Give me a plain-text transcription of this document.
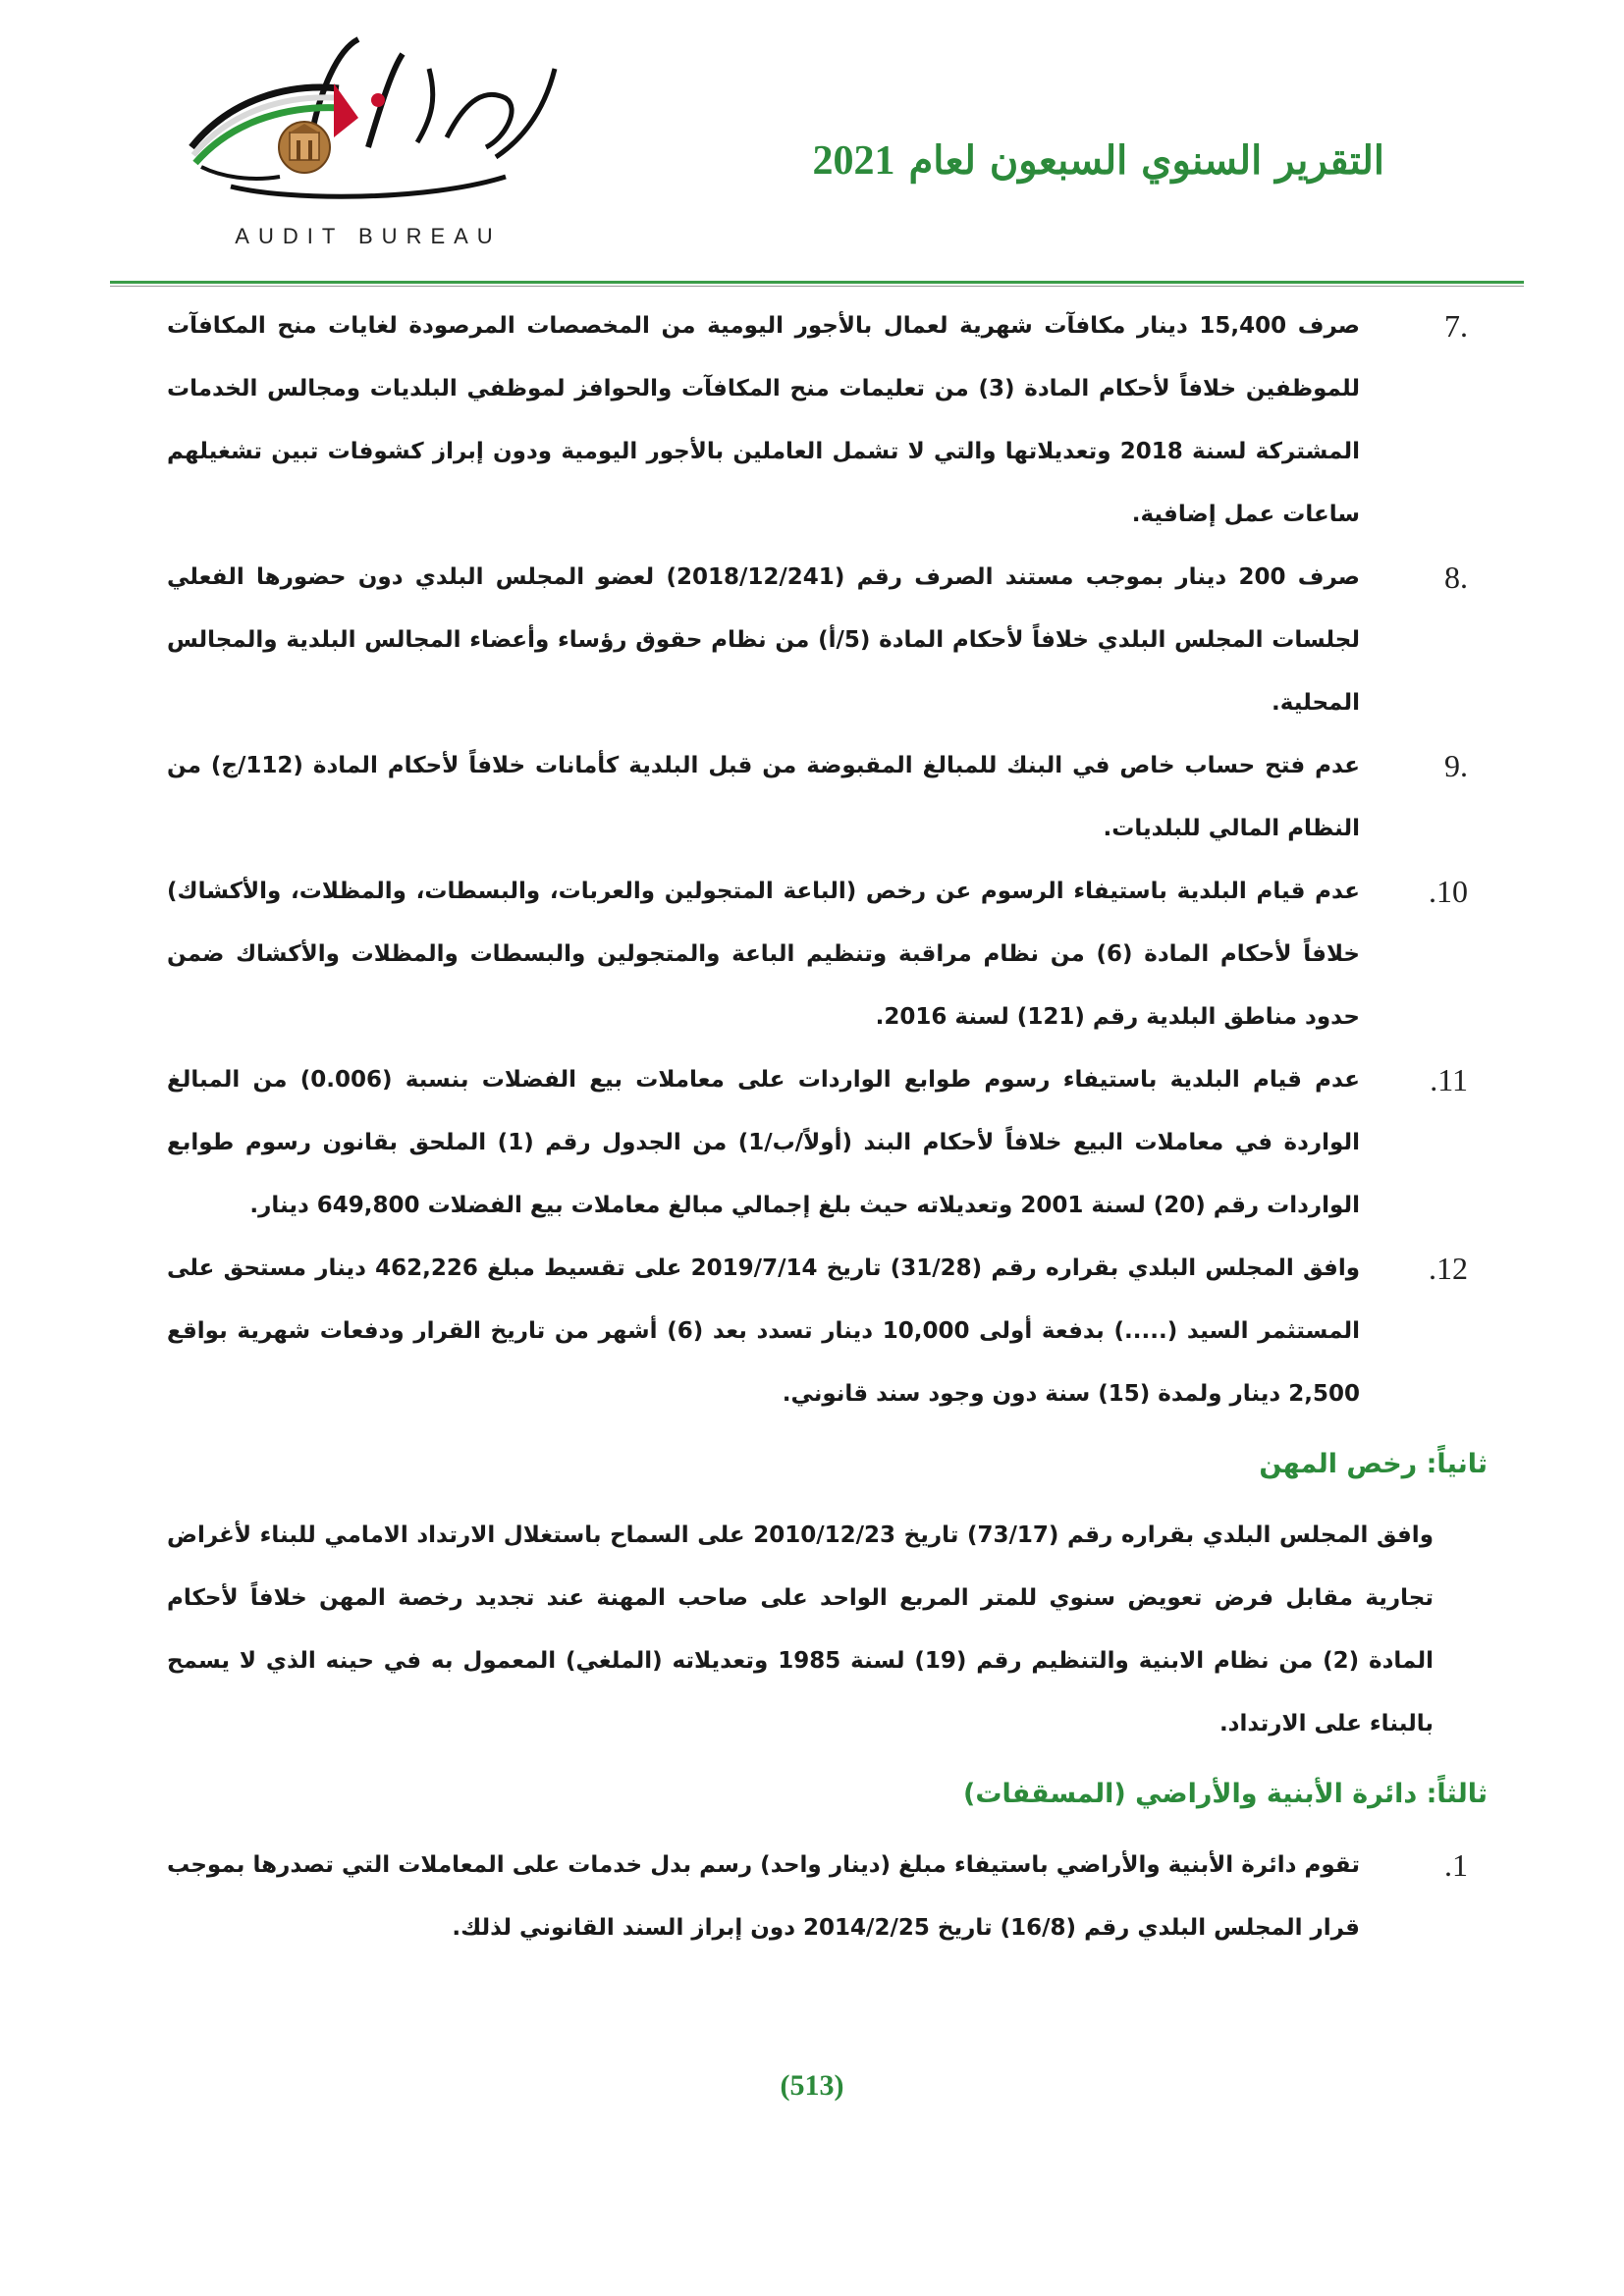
AUDIT BUREAU
التقرير السنوي السبعون لعام 2021
7.
صرف 15,400 دينار مكافآت شهرية لعمال بالأجور اليومية من المخصصات المرصودة لغايات منح المكافآت للموظفين خلافاً لأحكام المادة (3) من تعليمات منح المكافآت والحوافز لموظفي البلديات ومجالس الخدمات المشتركة لسنة 2018 وتعديلاتها والتي لا تشمل العاملين بالأجور اليومية ودون إبراز كشوفات تبين تشغيلهم ساعات عمل إضافية.
8.
صرف 200 دينار بموجب مستند الصرف رقم (2018/12/241) لعضو المجلس البلدي دون حضورها الفعلي لجلسات المجلس البلدي خلافاً لأحكام المادة (5/أ) من نظام حقوق رؤساء وأعضاء المجالس البلدية والمجالس المحلية.
9.
عدم فتح حساب خاص في البنك للمبالغ المقبوضة من قبل البلدية كأمانات خلافاً لأحكام المادة (112/ج) من النظام المالي للبلديات.
.10
عدم قيام البلدية باستيفاء الرسوم عن رخص (الباعة المتجولين والعربات، والبسطات، والمظلات، والأكشاك) خلافاً لأحكام المادة (6) من نظام مراقبة وتنظيم الباعة والمتجولين والبسطات والمظلات والأكشاك ضمن حدود مناطق البلدية رقم (121) لسنة 2016.
.11
عدم قيام البلدية باستيفاء رسوم طوابع الواردات على معاملات بيع الفضلات بنسبة (0.006) من المبالغ الواردة في معاملات البيع خلافاً لأحكام البند (أولاً/ب/1) من الجدول رقم (1) الملحق بقانون رسوم طوابع الواردات رقم (20) لسنة 2001 وتعديلاته حيث بلغ إجمالي مبالغ معاملات بيع الفضلات 649,800 دينار.
.12
وافق المجلس البلدي بقراره رقم (31/28) تاريخ 2019/7/14 على تقسيط مبلغ 462,226 دينار مستحق على المستثمر السيد (.....) بدفعة أولى 10,000 دينار تسدد بعد (6) أشهر من تاريخ القرار ودفعات شهرية بواقع 2,500 دينار ولمدة (15) سنة دون وجود سند قانوني.
ثانياً: رخص المهن
وافق المجلس البلدي بقراره رقم (73/17) تاريخ 2010/12/23 على السماح باستغلال الارتداد الامامي للبناء لأغراض تجارية مقابل فرض تعويض سنوي للمتر المربع الواحد على صاحب المهنة عند تجديد رخصة المهن خلافاً لأحكام المادة (2) من نظام الابنية والتنظيم رقم (19) لسنة 1985 وتعديلاته (الملغي) المعمول به في حينه الذي لا يسمح بالبناء على الارتداد.
ثالثاً: دائرة الأبنية والأراضي (المسقفات)
.1
تقوم دائرة الأبنية والأراضي باستيفاء مبلغ (دينار واحد) رسم بدل خدمات على المعاملات التي تصدرها بموجب قرار المجلس البلدي رقم (16/8) تاريخ 2014/2/25 دون إبراز السند القانوني لذلك.
(513)
